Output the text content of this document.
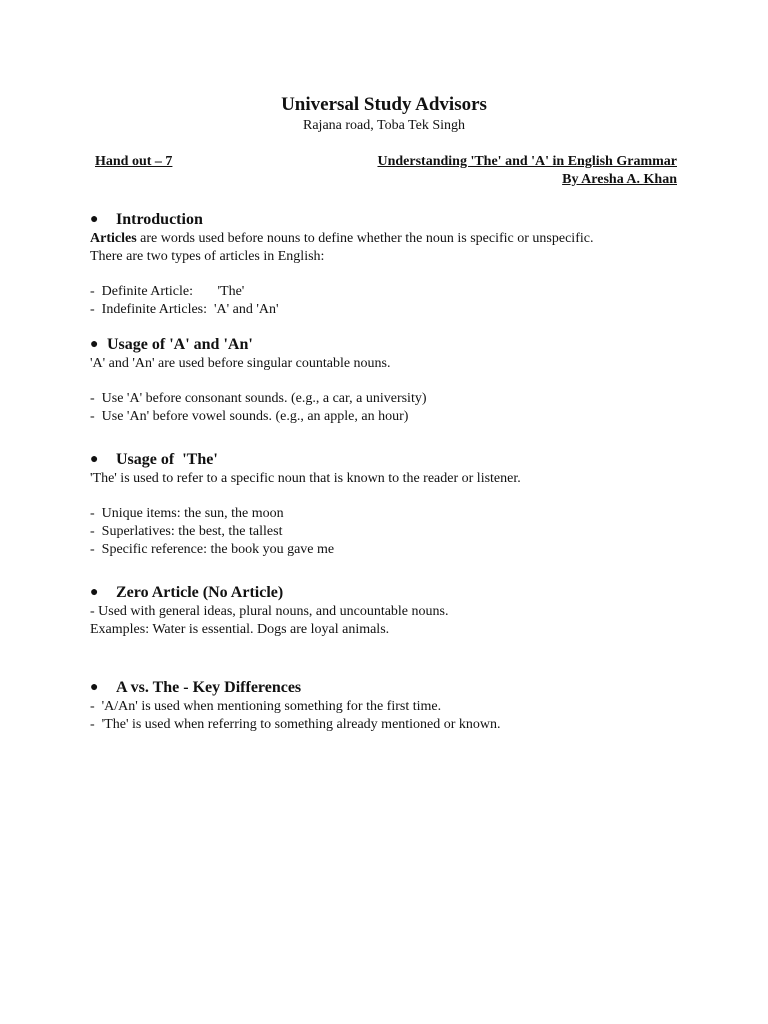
Universal Study Advisors
Rajana road, Toba Tek Singh
Hand out – 7	Understanding 'The' and 'A' in English Grammar
By Aresha A. Khan
●	Introduction

Articles are words used before nouns to define whether the noun is specific or unspecific.

There are two types of articles in English:

-  Definite Article:       'The'

-  Indefinite Articles:  'A' and 'An'

● Usage of 'A' and 'An'

'A' and 'An' are used before singular countable nouns.

-  Use 'A' before consonant sounds. (e.g., a car, a university)

-  Use 'An' before vowel sounds. (e.g., an apple, an hour)

●	Usage of  'The'

'The' is used to refer to a specific noun that is known to the reader or listener.

-  Unique items: the sun, the moon

-  Superlatives: the best, the tallest

-  Specific reference: the book you gave me

●	Zero Article (No Article)

- Used with general ideas, plural nouns, and uncountable nouns.

Examples: Water is essential. Dogs are loyal animals.

●	A vs. The - Key Differences

-  'A/An' is used when mentioning something for the first time.

-  'The' is used when referring to something already mentioned or known.
